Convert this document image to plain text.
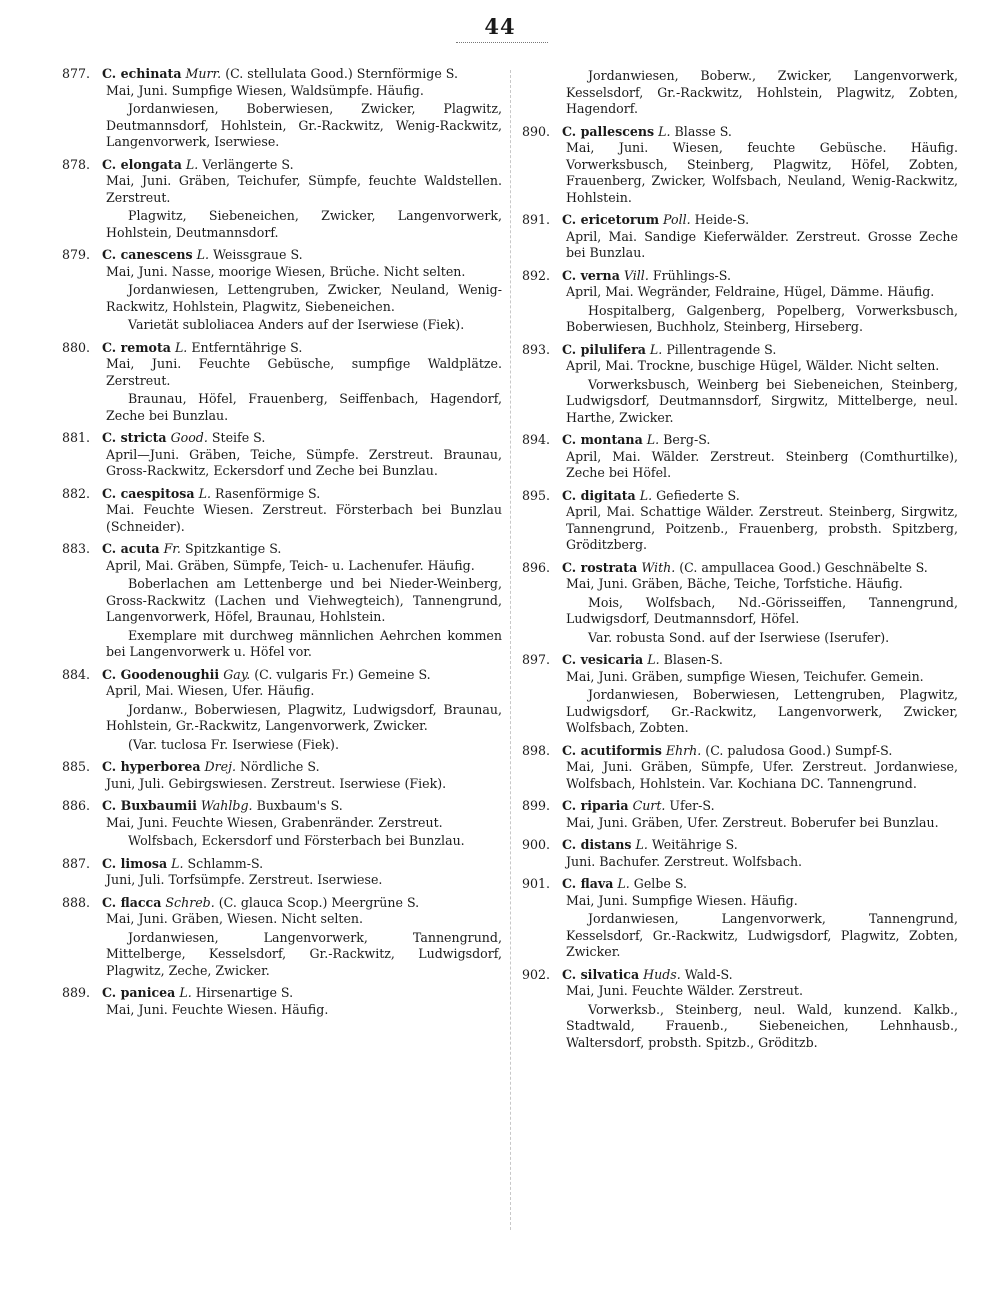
44
877. C. echinata Murr. (C. stellulata Good.) Sternförmige S.
Mai, Juni. Sumpfige Wiesen, Waldsümpfe. Häufig.
Jordanwiesen, Boberwiesen, Zwicker, Plagwitz, Deutmannsdorf, Hohlstein, Gr.-Rackwitz, Wenig-Rackwitz, Langenvorwerk, Iserwiese.
878. C. elongata L. Verlängerte S.
Mai, Juni. Gräben, Teichufer, Sümpfe, feuchte Waldstellen. Zerstreut.
Plagwitz, Siebeneichen, Zwicker, Langenvorwerk, Hohlstein, Deutmannsdorf.
879. C. canescens L. Weissgraue S.
Mai, Juni. Nasse, moorige Wiesen, Brüche. Nicht selten.
Jordanwiesen, Lettengruben, Zwicker, Neuland, Wenig-Rackwitz, Hohlstein, Plagwitz, Siebeneichen.
Varietät subloliacea Anders auf der Iserwiese (Fiek).
880. C. remota L. Entferntährige S.
Mai, Juni. Feuchte Gebüsche, sumpfige Waldplätze. Zerstreut.
Braunau, Höfel, Frauenberg, Seiffenbach, Hagendorf, Zeche bei Bunzlau.
881. C. stricta Good. Steife S.
April—Juni. Gräben, Teiche, Sümpfe. Zerstreut. Braunau, Gross-Rackwitz, Eckersdorf und Zeche bei Bunzlau.
882. C. caespitosa L. Rasenförmige S.
Mai. Feuchte Wiesen. Zerstreut. Försterbach bei Bunzlau (Schneider).
883. C. acuta Fr. Spitzkantige S.
April, Mai. Gräben, Sümpfe, Teich- u. Lachenufer. Häufig.
Boberlachen am Lettenberge und bei Nieder-Weinberg, Gross-Rackwitz (Lachen und Viehwegteich), Tannengrund, Langenvorwerk, Höfel, Braunau, Hohlstein.
Exemplare mit durchweg männlichen Aehrchen kommen bei Langenvorwerk u. Höfel vor.
884. C. Goodenoughii Gay. (C. vulgaris Fr.) Gemeine S.
April, Mai. Wiesen, Ufer. Häufig.
Jordanw., Boberwiesen, Plagwitz, Ludwigsdorf, Braunau, Hohlstein, Gr.-Rackwitz, Langenvorwerk, Zwicker.
(Var. tuclosa Fr. Iserwiese (Fiek).
885. C. hyperborea Drej. Nördliche S.
Juni, Juli. Gebirgswiesen. Zerstreut. Iserwiese (Fiek).
886. C. Buxbaumii Wahlbg. Buxbaum's S.
Mai, Juni. Feuchte Wiesen, Grabenränder. Zerstreut.
Wolfsbach, Eckersdorf und Försterbach bei Bunzlau.
887. C. limosa L. Schlamm-S.
Juni, Juli. Torfsümpfe. Zerstreut. Iserwiese.
888. C. flacca Schreb. (C. glauca Scop.) Meergrüne S.
Mai, Juni. Gräben, Wiesen. Nicht selten.
Jordanwiesen, Langenvorwerk, Tannengrund, Mittelberge, Kesselsdorf, Gr.-Rackwitz, Ludwigsdorf, Plagwitz, Zeche, Zwicker.
889. C. panicea L. Hirsenartige S.
Mai, Juni. Feuchte Wiesen. Häufig.
Jordanwiesen, Boberw., Zwicker, Langenvorwerk, Kesselsdorf, Gr.-Rackwitz, Hohlstein, Plagwitz, Zobten, Hagendorf.
890. C. pallescens L. Blasse S.
Mai, Juni. Wiesen, feuchte Gebüsche. Häufig. Vorwerksbusch, Steinberg, Plagwitz, Höfel, Zobten, Frauenberg, Zwicker, Wolfsbach, Neuland, Wenig-Rackwitz, Hohlstein.
891. C. ericetorum Poll. Heide-S.
April, Mai. Sandige Kieferwälder. Zerstreut. Grosse Zeche bei Bunzlau.
892. C. verna Vill. Frühlings-S.
April, Mai. Wegränder, Feldraine, Hügel, Dämme. Häufig.
Hospitalberg, Galgenberg, Popelberg, Vorwerksbusch, Boberwiesen, Buchholz, Steinberg, Hirseberg.
893. C. pilulifera L. Pillentragende S.
April, Mai. Trockne, buschige Hügel, Wälder. Nicht selten.
Vorwerksbusch, Weinberg bei Siebeneichen, Steinberg, Ludwigsdorf, Deutmannsdorf, Sirgwitz, Mittelberge, neul. Harthe, Zwicker.
894. C. montana L. Berg-S.
April, Mai. Wälder. Zerstreut. Steinberg (Comthurtilke), Zeche bei Höfel.
895. C. digitata L. Gefiederte S.
April, Mai. Schattige Wälder. Zerstreut. Steinberg, Sirgwitz, Tannengrund, Poitzenb., Frauenberg, probsth. Spitzberg, Gröditzberg.
896. C. rostrata With. (C. ampullacea Good.) Geschnäbelte S.
Mai, Juni. Gräben, Bäche, Teiche, Torfstiche. Häufig.
Mois, Wolfsbach, Nd.-Görisseiffen, Tannengrund, Ludwigsdorf, Deutmannsdorf, Höfel.
Var. robusta Sond. auf der Iserwiese (Iserufer).
897. C. vesicaria L. Blasen-S.
Mai, Juni. Gräben, sumpfige Wiesen, Teichufer. Gemein.
Jordanwiesen, Boberwiesen, Lettengruben, Plagwitz, Ludwigsdorf, Gr.-Rackwitz, Langenvorwerk, Zwicker, Wolfsbach, Zobten.
898. C. acutiformis Ehrh. (C. paludosa Good.) Sumpf-S.
Mai, Juni. Gräben, Sümpfe, Ufer. Zerstreut. Jordanwiese, Wolfsbach, Hohlstein. Var. Kochiana DC. Tannengrund.
899. C. riparia Curt. Ufer-S.
Mai, Juni. Gräben, Ufer. Zerstreut. Boberufer bei Bunzlau.
900. C. distans L. Weitährige S.
Juni. Bachufer. Zerstreut. Wolfsbach.
901. C. flava L. Gelbe S.
Mai, Juni. Sumpfige Wiesen. Häufig.
Jordanwiesen, Langenvorwerk, Tannengrund, Kesselsdorf, Gr.-Rackwitz, Ludwigsdorf, Plagwitz, Zobten, Zwicker.
902. C. silvatica Huds. Wald-S.
Mai, Juni. Feuchte Wälder. Zerstreut.
Vorwerksb., Steinberg, neul. Wald, kunzend. Kalkb., Stadtwald, Frauenb., Siebeneichen, Lehnhausb., Waltersdorf, probsth. Spitzb., Gröditzb.
